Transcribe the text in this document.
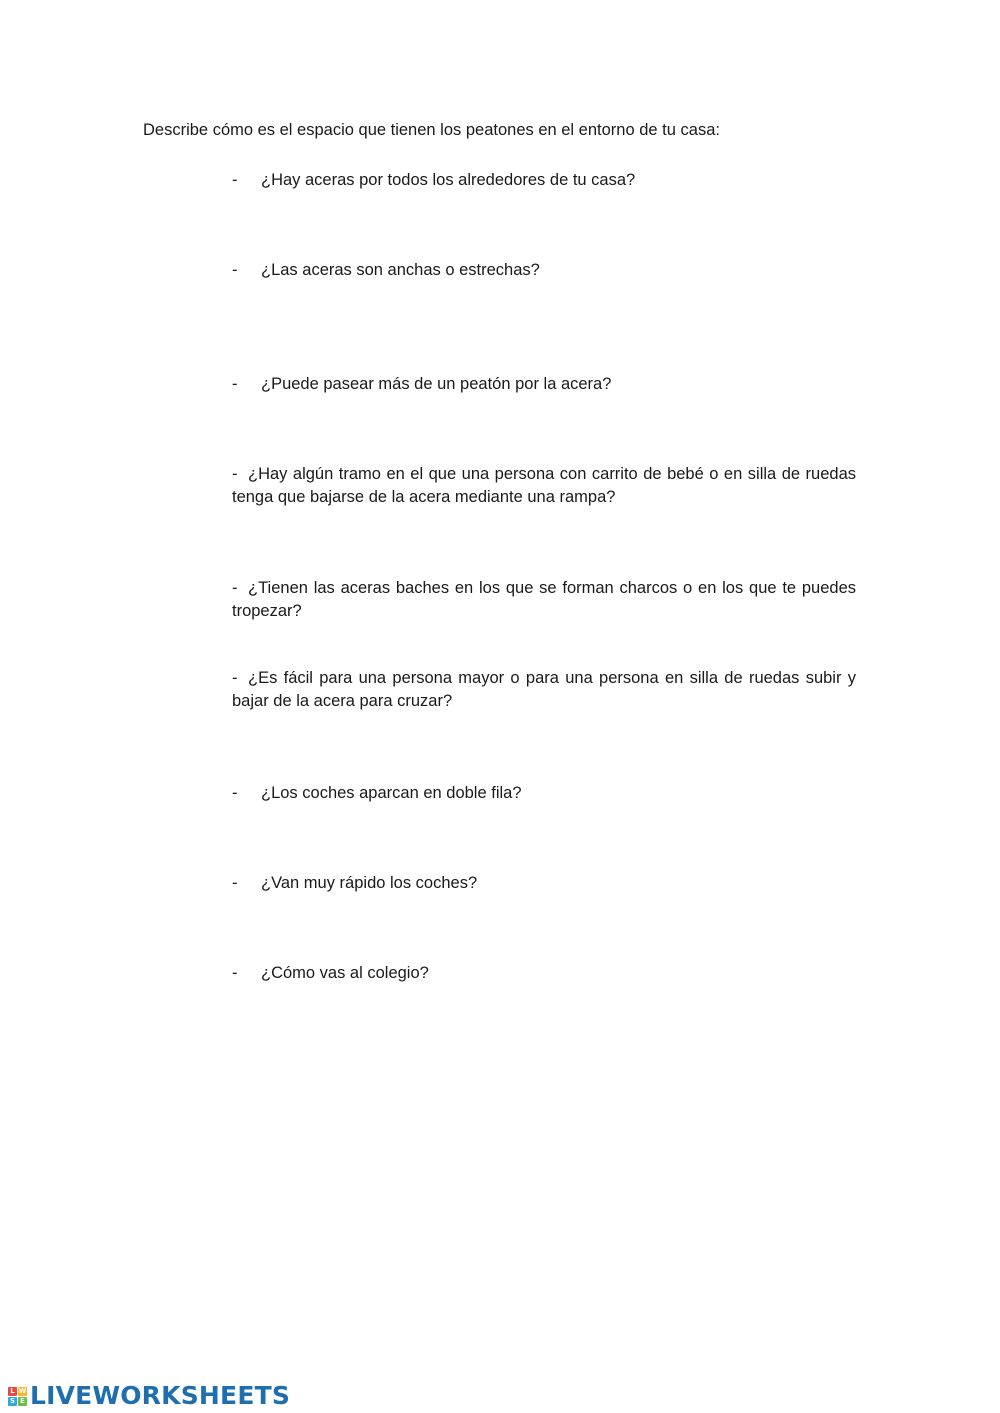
Describe cómo es el espacio que tienen los peatones en el entorno de tu casa:
- ¿Hay aceras por todos los alrededores de tu casa?
- ¿Las aceras son anchas o estrechas?
- ¿Puede pasear más de un peatón por la acera?
- ¿Hay algún tramo en el que una persona con carrito de bebé o en silla de ruedas tenga que bajarse de la acera mediante una rampa?
- ¿Tienen las aceras baches en los que se forman charcos o en los que te puedes tropezar?
- ¿Es fácil para una persona mayor o para una persona en silla de ruedas subir y bajar de la acera para cruzar?
- ¿Los coches aparcan en doble fila?
- ¿Van muy rápido los coches?
- ¿Cómo vas al colegio?
L W
S E LIVEWORKSHEETS
